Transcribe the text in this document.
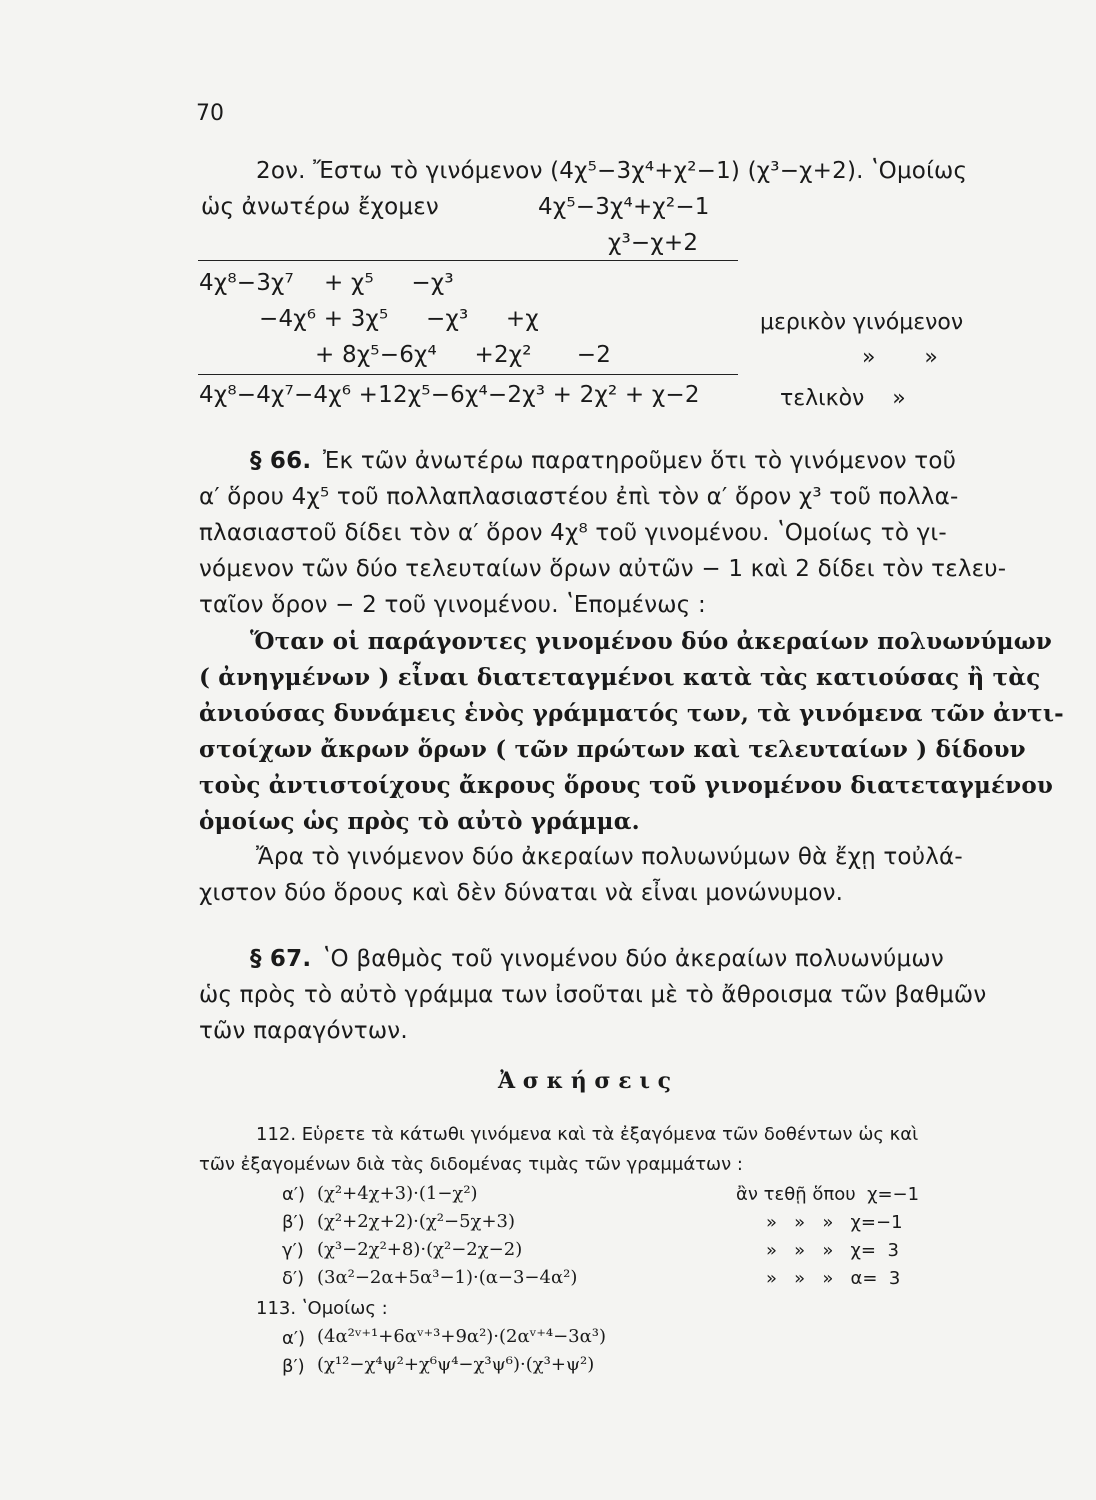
70
2ον. Ἔστω τὸ γινόμενον (4χ⁵−3χ⁴+χ²−1) (χ³−χ+2). ʽΟμοίως
ὡς ἀνωτέρω ἔχομεν	4χ⁵−3χ⁴+χ²−1
χ³−χ+2
4χ⁸−3χ⁷    + χ⁵     −χ³
−4χ⁶ + 3χ⁵     −χ³     +χ	μερικὸν γινόμενον
+ 8χ⁵−6χ⁴     +2χ²      −2	»       »
4χ⁸−4χ⁷−4χ⁶ +12χ⁵−6χ⁴−2χ³ + 2χ² + χ−2	τελικὸν    »
§ 66. Ἐκ τῶν ἀνωτέρω παρατηροῦμεν ὅτι τὸ γινόμενον τοῦ
α′ ὅρου 4χ⁵ τοῦ πολλαπλασιαστέου ἐπὶ τὸν α′ ὅρον χ³ τοῦ πολλα-
πλασιαστοῦ δίδει τὸν α′ ὅρον 4χ⁸ τοῦ γινομένου. ʽΟμοίως τὸ γι-
νόμενον τῶν δύο τελευταίων ὅρων αὐτῶν − 1 καὶ 2 δίδει τὸν τελευ-
ταῖον ὅρον − 2 τοῦ γινομένου. ʽΕπομένως :
Ὅταν οἱ παράγοντες γινομένου δύο ἀκεραίων πολυωνύμων
( ἀνηγμένων ) εἶναι διατεταγμένοι κατὰ τὰς κατιούσας ἢ τὰς
ἀνιούσας δυνάμεις ἑνὸς γράμματός των, τὰ γινόμενα τῶν ἀντι-
στοίχων ἄκρων ὅρων ( τῶν πρώτων καὶ τελευταίων ) δίδουν
τοὺς ἀντιστοίχους ἄκρους ὅρους τοῦ γινομένου διατεταγμένου
ὁμοίως ὡς πρὸς τὸ αὐτὸ γράμμα.
Ἄρα τὸ γινόμενον δύο ἀκεραίων πολυωνύμων θὰ ἔχῃ τοὐλά-
χιστον δύο ὅρους καὶ δὲν δύναται νὰ εἶναι μονώνυμον.
§ 67. ʽΟ βαθμὸς τοῦ γινομένου δύο ἀκεραίων πολυωνύμων
ὡς πρὸς τὸ αὐτὸ γράμμα των ἰσοῦται μὲ τὸ ἄθροισμα τῶν βαθμῶν
τῶν παραγόντων.
Ἀ σ κ ή σ ε ι ς
112. Εὑρετε τὰ κάτωθι γινόμενα καὶ τὰ ἐξαγόμενα τῶν δοθέντων ὡς καὶ
τῶν ἐξαγομένων διὰ τὰς διδομένας τιμὰς τῶν γραμμάτων :
α′) (χ²+4χ+3)·(1−χ²)	ἂν τεθῇ ὅπου  χ=−1
β′) (χ²+2χ+2)·(χ²−5χ+3)	»   »   »   χ=−1
γ′) (χ³−2χ²+8)·(χ²−2χ−2)	»   »   »   χ=  3
δ′) (3α²−2α+5α³−1)·(α−3−4α²)	»   »   »   α=  3
113. ʽΟμοίως :
α′) (4α²ᵛ⁺¹+6αᵛ⁺³+9α²)·(2αᵛ⁺⁴−3α³)
β′) (χ¹²−χ⁴ψ²+χ⁶ψ⁴−χ³ψ⁶)·(χ³+ψ²)
